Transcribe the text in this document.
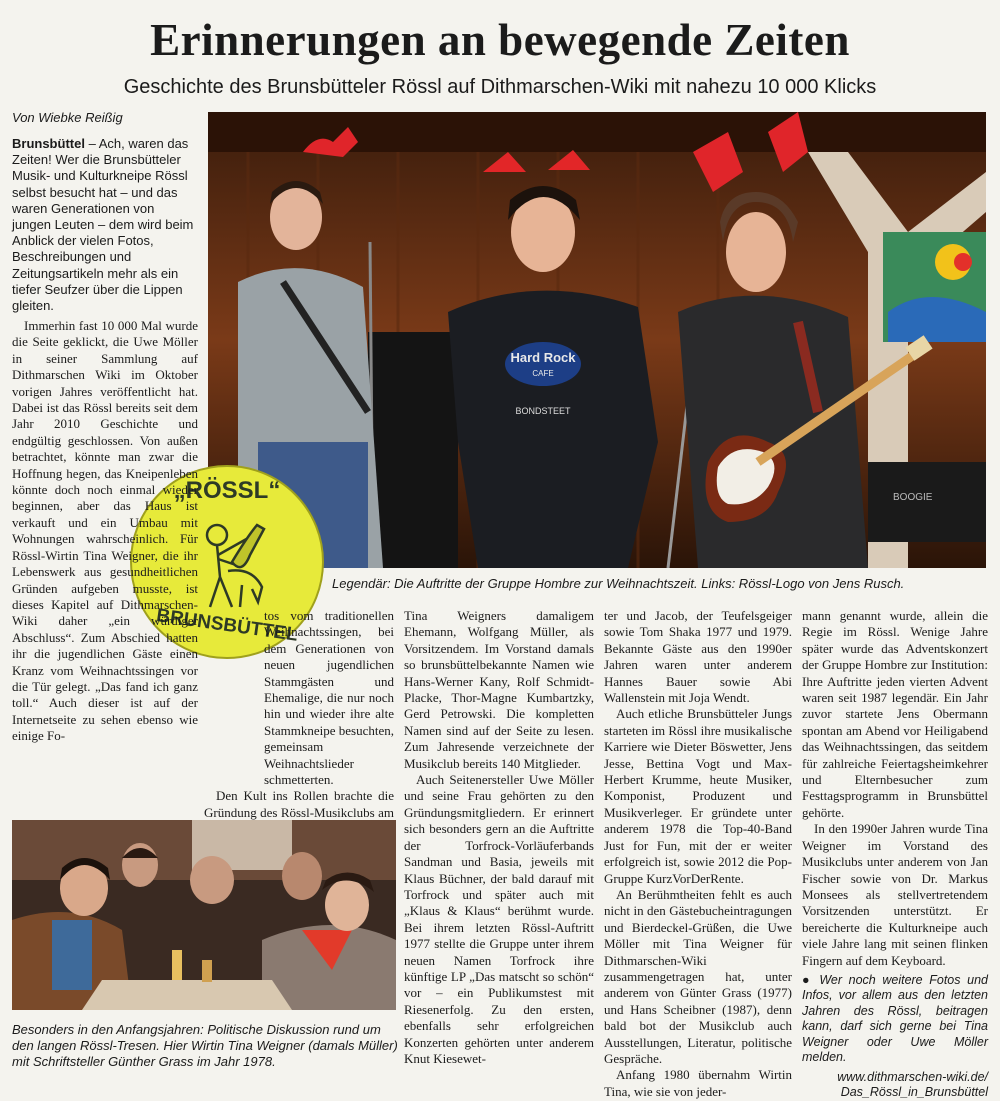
Erinnerungen an bewegende Zeiten
Geschichte des Brunsbütteler Rössl auf Dithmarschen-Wiki mit nahezu 10 000 Klicks
Von Wiebke Reißig
Brunsbüttel – Ach, waren das Zeiten! Wer die Brunsbütteler Musik- und Kulturkneipe Rössl selbst besucht hat – und das waren Generationen von jungen Leuten – dem wird beim Anblick der vielen Fotos, Beschreibungen und Zeitungsartikeln mehr als ein tiefer Seufzer über die Lippen gleiten.
BOOGIE
Hard Rock
CAFE
BONDSTEET
„RÖSSL“
BRUNSBÜTTEL
Legendär: Die Auftritte der Gruppe Hombre zur Weihnachtszeit. Links: Rössl-Logo von Jens Rusch.

Immerhin fast 10 000 Mal wurde die Seite geklickt, die Uwe Möller in seiner Sammlung auf Dithmarschen Wiki im Oktober vorigen Jahres veröffentlicht hat. Dabei ist das Rössl bereits seit dem Jahr 2010 Geschichte und endgültig geschlossen. Von außen betrachtet, könnte man zwar die Hoffnung hegen, das Kneipenleben könnte doch noch einmal wieder beginnen, aber das Haus ist verkauft und ein Umbau mit Wohnungen wahrscheinlich. Für Rössl-Wirtin Tina Weigner, die ihr Lebenswerk aus gesundheitlichen Gründen aufgeben musste, ist dieses Kapitel auf Dithmarschen-Wiki daher „ein würdiger Abschluss“. Zum Abschied hatten ihr die jugendlichen Gäste einen Kranz vom Weihnachtssingen vor die Tür gelegt. „Das fand ich ganz toll.“ Auch dieser ist auf der Internetseite zu sehen ebenso wie einige Fo-

tos vom traditionellen Weihnachtssingen, bei dem Generationen von neuen jugendlichen Stammgästen und Ehemalige, die nur noch hin und wieder ihre alte Stammkneipe besuchten, gemeinsam Weihnachtslieder schmetterten.

Den Kult ins Rollen brachte die Gründung des Rössl-Musikclubs am

Tina Weigners damaligem Ehemann, Wolfgang Müller, als Vorsitzendem. Im Vorstand damals so brunsbüttelbekannte Namen wie Hans-Werner Kany, Rolf Schmidt-Placke, Thor-Magne Kumbartzky, Gerd Petrowski. Die kompletten Namen sind auf der Seite zu lesen. Zum Jahresende verzeichnete der Musikclub bereits 140 Mitglieder.

Auch Seitenersteller Uwe Möller und seine Frau gehörten zu den Gründungsmitgliedern. Er erinnert sich besonders gern an die Auftritte der Torfrock-Vorläuferbands Sandman und Basia, jeweils mit Klaus Büchner, der bald darauf mit Torfrock und später auch mit „Klaus & Klaus“ berühmt wurde. Bei ihrem letzten Rössl-Auftritt 1977 stellte die Gruppe unter ihrem neuen Namen Torfrock ihre künftige LP „Das matscht so schön“ vor – ein Publikumstest mit Riesenerfolg. Zu den ersten, ebenfalls sehr erfolgreichen Konzerten gehörten unter anderem Knut Kiesewet-

ter und Jacob, der Teufelsgeiger sowie Tom Shaka 1977 und 1979. Bekannte Gäste aus den 1990er Jahren waren unter anderem Hannes Bauer sowie Abi Wallenstein mit Joja Wendt.

Auch etliche Brunsbütteler Jungs starteten im Rössl ihre musikalische Karriere wie Dieter Böswetter, Jens Jesse, Bettina Vogt und Max-Herbert Krumme, heute Musiker, Komponist, Produzent und Musikverleger. Er gründete unter anderem 1978 die Top-40-Band Just for Fun, mit der er weiter erfolgreich ist, sowie 2012 die Pop-Gruppe KurzVorDerRente.

An Berühmtheiten fehlt es auch nicht in den Gästebucheintragungen und Bierdeckel-Grüßen, die Uwe Möller mit Tina Weigner für Dithmarschen-Wiki zusammengetragen hat, unter anderem von Günter Grass (1977) und Hans Scheibner (1987), denn bald bot der Musikclub auch Ausstellungen, Literatur, politische Gespräche.

Anfang 1980 übernahm Wirtin Tina, wie sie von jeder-

mann genannt wurde, allein die Regie im Rössl. Wenige Jahre später wurde das Adventskonzert der Gruppe Hombre zur Institution: Ihre Auftritte jeden vierten Advent waren seit 1987 legendär. Ein Jahr zuvor startete Jens Obermann spontan am Abend vor Heiligabend das Weihnachtssingen, das seitdem für zahlreiche Feiertagsheimkehrer und Elternbesucher zum Festtagsprogramm in Brunsbüttel gehörte.

In den 1990er Jahren wurde Tina Weigner im Vorstand des Musikclubs unter anderem von Jan Fischer sowie von Dr. Markus Monsees als stellvertretendem Vorsitzenden unterstützt. Er bereicherte die Kulturkneipe auch viele Jahre lang mit seinen flinken Fingern auf dem Keyboard.

● Wer noch weitere Fotos und Infos, vor allem aus den letzten Jahren des Rössl, beitragen kann, darf sich gerne bei Tina Weigner oder Uwe Möller melden.

www.dithmarschen-wiki.de/ Das_Rössl_in_Brunsbüttel
Besonders in den Anfangsjahren: Politische Diskussion rund um den langen Rössl-Tresen. Hier Wirtin Tina Weigner (damals Müller) mit Schriftsteller Günther Grass im Jahr 1978.
